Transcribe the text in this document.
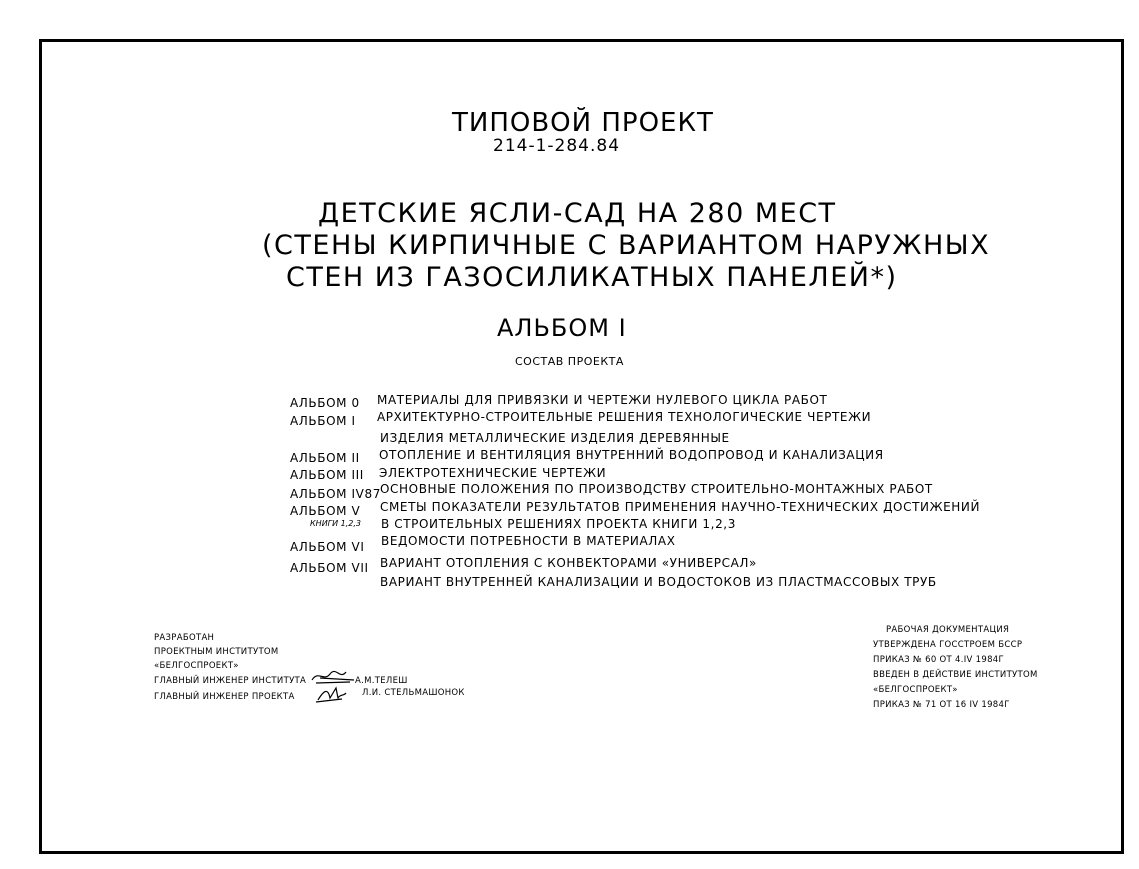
ТИПОВОЙ ПРОЕКТ
214-1-284.84
ДЕТСКИЕ ЯСЛИ-САД НА 280 МЕСТ
(СТЕНЫ КИРПИЧНЫЕ С ВАРИАНТОМ НАРУЖНЫХ
СТЕН ИЗ ГАЗОСИЛИКАТНЫХ ПАНЕЛЕЙ*)
АЛЬБОМ I
СОСТАВ ПРОЕКТА
АЛЬБОМ 0 МАТЕРИАЛЫ ДЛЯ ПРИВЯЗКИ И ЧЕРТЕЖИ НУЛЕВОГО ЦИКЛА РАБОТ
АЛЬБОМ I АРХИТЕКТУРНО-СТРОИТЕЛЬНЫЕ РЕШЕНИЯ ТЕХНОЛОГИЧЕСКИЕ ЧЕРТЕЖИ
ИЗДЕЛИЯ МЕТАЛЛИЧЕСКИЕ ИЗДЕЛИЯ ДЕРЕВЯННЫЕ
АЛЬБОМ II ОТОПЛЕНИЕ И ВЕНТИЛЯЦИЯ ВНУТРЕННИЙ ВОДОПРОВОД И КАНАЛИЗАЦИЯ
АЛЬБОМ III ЭЛЕКТРОТЕХНИЧЕСКИЕ ЧЕРТЕЖИ
АЛЬБОМ IV87 ОСНОВНЫЕ ПОЛОЖЕНИЯ ПО ПРОИЗВОДСТВУ СТРОИТЕЛЬНО-МОНТАЖНЫХ РАБОТ
АЛЬБОМ V СМЕТЫ ПОКАЗАТЕЛИ РЕЗУЛЬТАТОВ ПРИМЕНЕНИЯ НАУЧНО-ТЕХНИЧЕСКИХ ДОСТИЖЕНИЙ
КНИГИ 1,2,3 В СТРОИТЕЛЬНЫХ РЕШЕНИЯХ ПРОЕКТА КНИГИ 1,2,3
АЛЬБОМ VI ВЕДОМОСТИ ПОТРЕБНОСТИ В МАТЕРИАЛАХ
АЛЬБОМ VII ВАРИАНТ ОТОПЛЕНИЯ С КОНВЕКТОРАМИ «УНИВЕРСАЛ»
ВАРИАНТ ВНУТРЕННЕЙ КАНАЛИЗАЦИИ И ВОДОСТОКОВ ИЗ ПЛАСТМАССОВЫХ ТРУБ
РАЗРАБОТАН
ПРОЕКТНЫМ ИНСТИТУТОМ
«БЕЛГОСПРОЕКТ»
ГЛАВНЫЙ ИНЖЕНЕР ИНСТИТУТА	А.М.ТЕЛЕШ
ГЛАВНЫЙ ИНЖЕНЕР ПРОЕКТА	Л.И. СТЕЛЬМАШОНОК
РАБОЧАЯ ДОКУМЕНТАЦИЯ
УТВЕРЖДЕНА ГОССТРОЕМ БССР
ПРИКАЗ № 60 ОТ 4.IV 1984Г
ВВЕДЕН В ДЕЙСТВИЕ ИНСТИТУТОМ
«БЕЛГОСПРОЕКТ»
ПРИКАЗ № 71 ОТ 16 IV 1984Г
